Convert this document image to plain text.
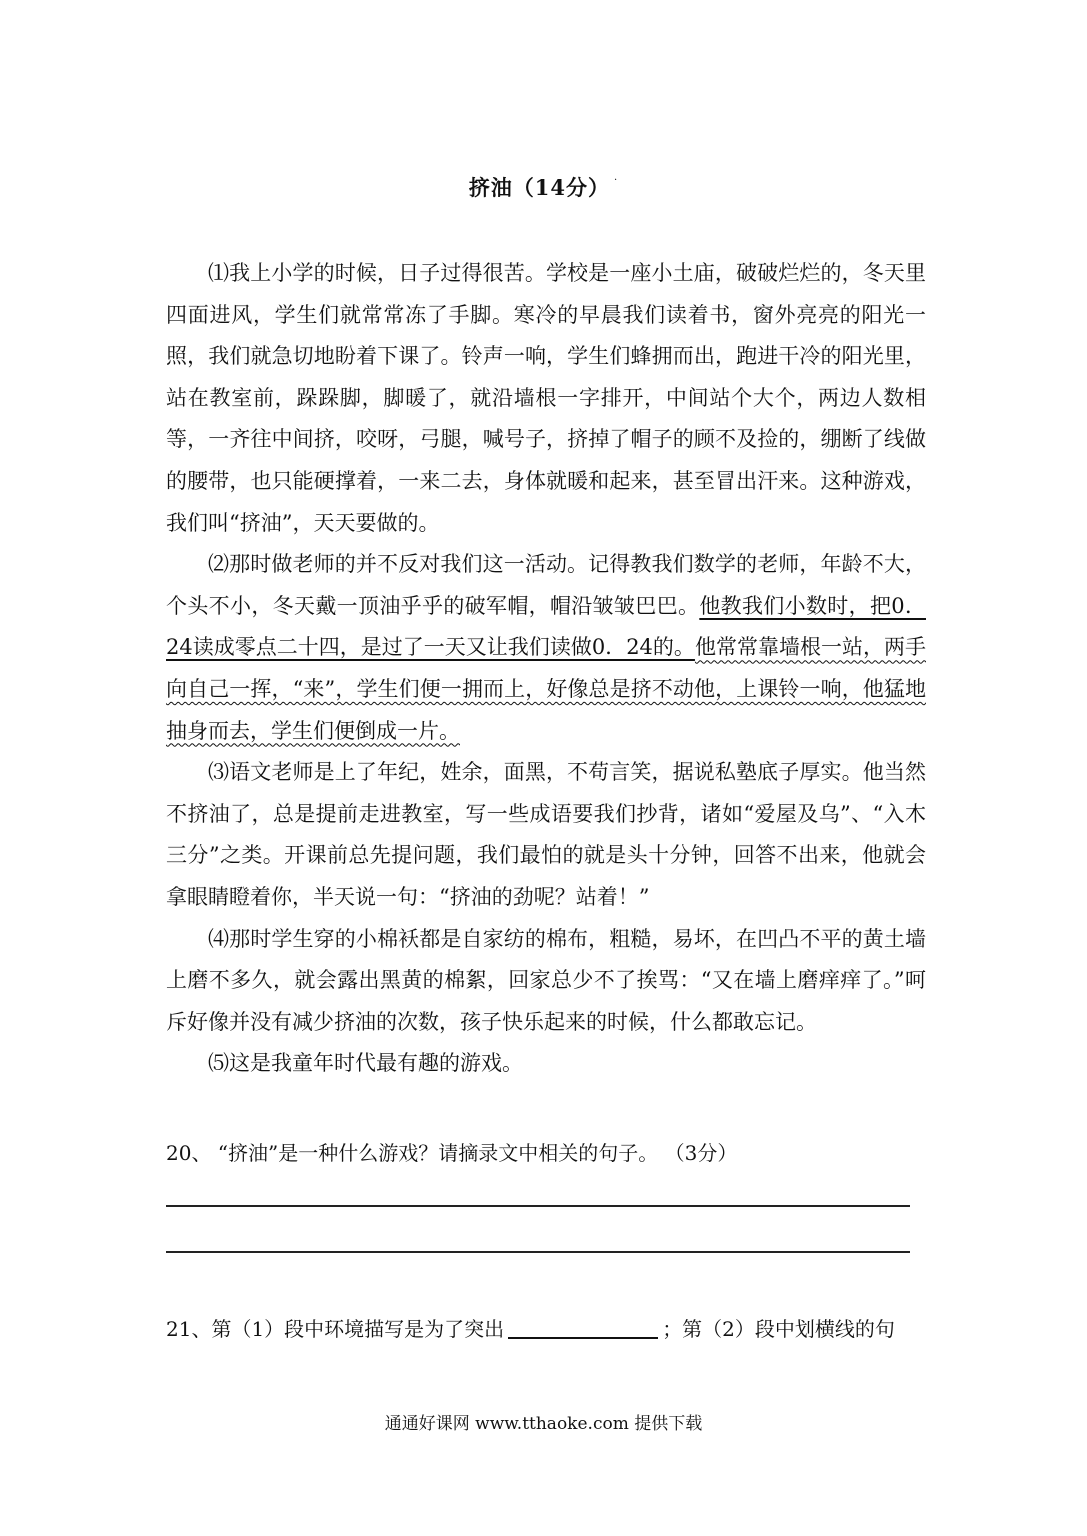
挤油（14分） .

⑴我上小学的时候，日子过得很苦。学校是一座小土庙，破破烂烂的，冬天里四面进风，学生们就常常冻了手脚。寒冷的早晨我们读着书，窗外亮亮的阳光一照，我们就急切地盼着下课了。铃声一响，学生们蜂拥而出，跑进干冷的阳光里，站在教室前，跺跺脚，脚暖了，就沿墙根一字排开，中间站个大个，两边人数相等，一齐往中间挤，咬呀，弓腿，喊号子，挤掉了帽子的顾不及捡的，绷断了线做的腰带，也只能硬撑着，一来二去，身体就暖和起来，甚至冒出汗来。这种游戏，我们叫“挤油”，天天要做的。

⑵那时做老师的并不反对我们这一活动。记得教我们数学的老师，年龄不大，个头不小，冬天戴一顶油乎乎的破军帽，帽沿皱皱巴巴。他教我们小数时，把0．24读成零点二十四，是过了一天又让我们读做0．24的。他常常靠墙根一站，两手向自己一挥，“来”，学生们便一拥而上，好像总是挤不动他，上课铃一响，他猛地抽身而去，学生们便倒成一片。

⑶语文老师是上了年纪，姓余，面黑，不苟言笑，据说私塾底子厚实。他当然不挤油了，总是提前走进教室，写一些成语要我们抄背，诸如“爱屋及乌”、“入木三分”之类。开课前总先提问题，我们最怕的就是头十分钟，回答不出来，他就会拿眼睛瞪着你，半天说一句：“挤油的劲呢？站着！”

⑷那时学生穿的小棉袄都是自家纺的棉布，粗糙，易坏，在凹凸不平的黄土墙上磨不多久，就会露出黑黄的棉絮，回家总少不了挨骂：“又在墙上磨痒痒了。”呵斥好像并没有减少挤油的次数，孩子快乐起来的时候，什么都敢忘记。

⑸这是我童年时代最有趣的游戏。

20、 “挤油”是一种什么游戏？请摘录文中相关的句子。 （3分）
21、第（1）段中环境描写是为了突出	；第（2）段中划横线的句
通通好课网 www.tthaoke.com 提供下载
